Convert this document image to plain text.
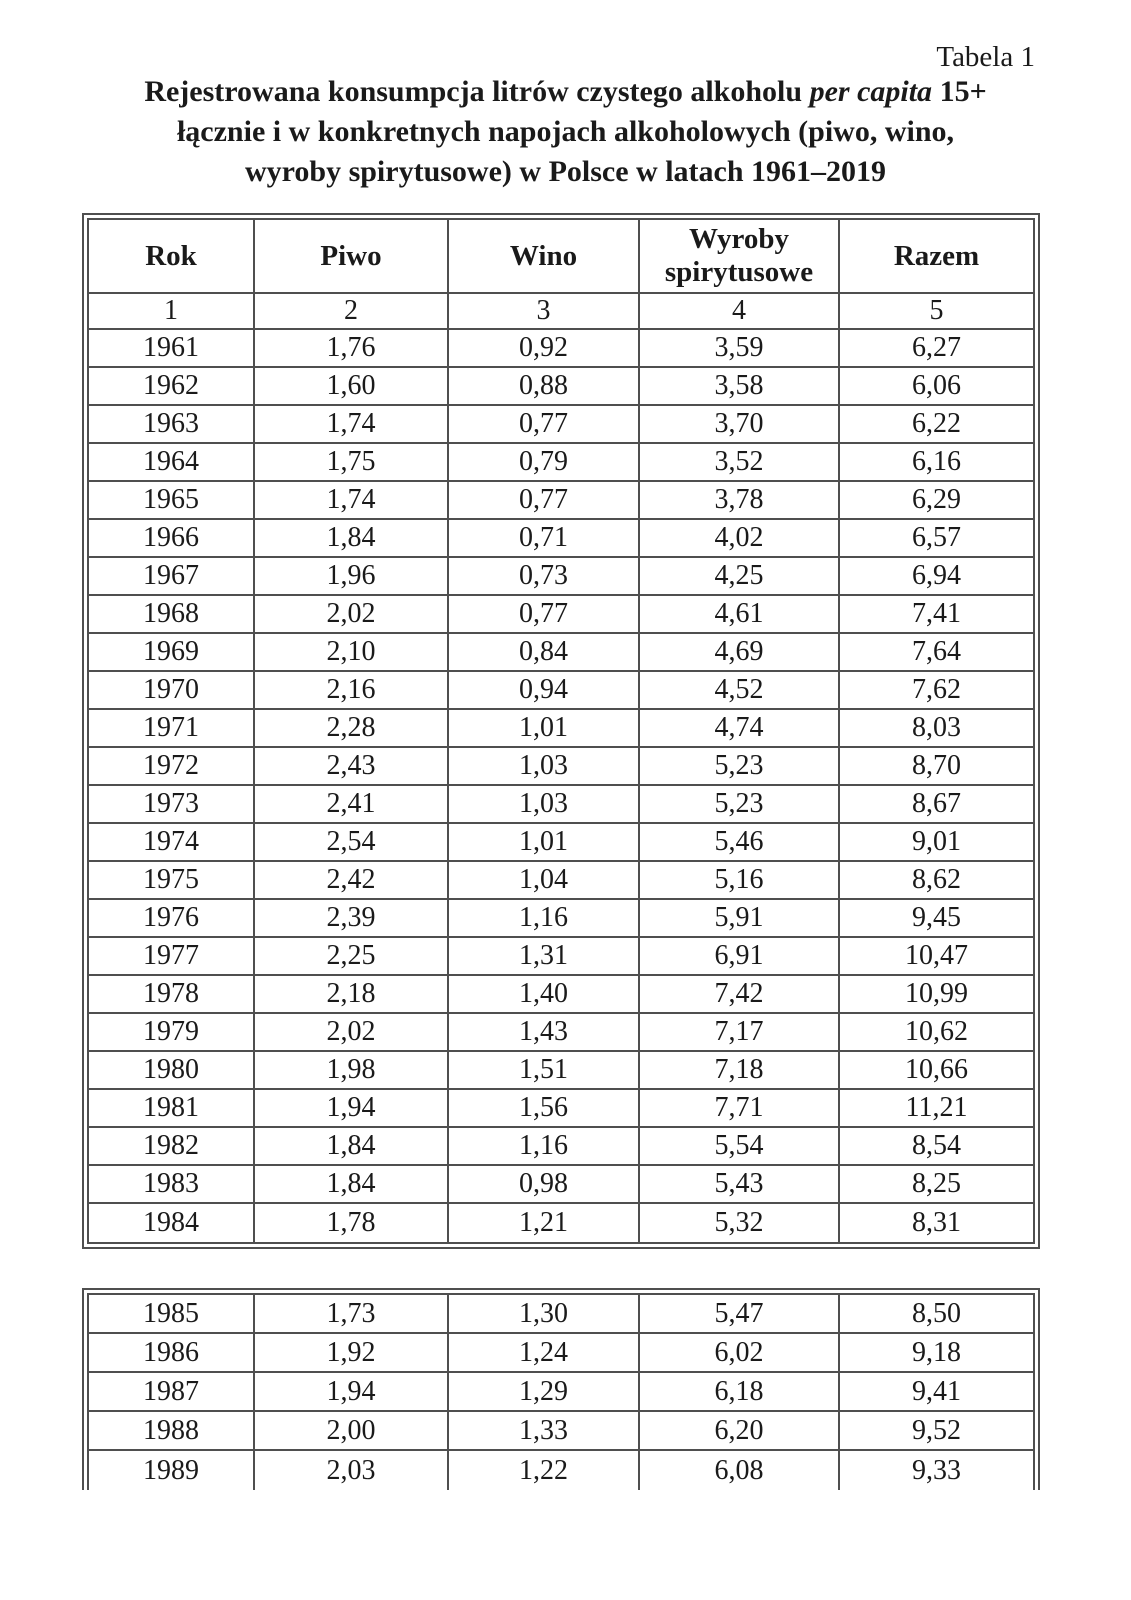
Tabela 1
Rejestrowana konsumpcja litrów czystego alkoholu per capita 15+
łącznie i w konkretnych napojach alkoholowych (piwo, wino,
wyroby spirytusowe) w Polsce w latach 1961–2019
Rok	Piwo	Wino	Wyroby spirytusowe	Razem
1	2	3	4	5
1961	1,76	0,92	3,59	6,27
1962	1,60	0,88	3,58	6,06
1963	1,74	0,77	3,70	6,22
1964	1,75	0,79	3,52	6,16
1965	1,74	0,77	3,78	6,29
1966	1,84	0,71	4,02	6,57
1967	1,96	0,73	4,25	6,94
1968	2,02	0,77	4,61	7,41
1969	2,10	0,84	4,69	7,64
1970	2,16	0,94	4,52	7,62
1971	2,28	1,01	4,74	8,03
1972	2,43	1,03	5,23	8,70
1973	2,41	1,03	5,23	8,67
1974	2,54	1,01	5,46	9,01
1975	2,42	1,04	5,16	8,62
1976	2,39	1,16	5,91	9,45
1977	2,25	1,31	6,91	10,47
1978	2,18	1,40	7,42	10,99
1979	2,02	1,43	7,17	10,62
1980	1,98	1,51	7,18	10,66
1981	1,94	1,56	7,71	11,21
1982	1,84	1,16	5,54	8,54
1983	1,84	0,98	5,43	8,25
1984	1,78	1,21	5,32	8,31
1985	1,73	1,30	5,47	8,50
1986	1,92	1,24	6,02	9,18
1987	1,94	1,29	6,18	9,41
1988	2,00	1,33	6,20	9,52
1989	2,03	1,22	6,08	9,33
